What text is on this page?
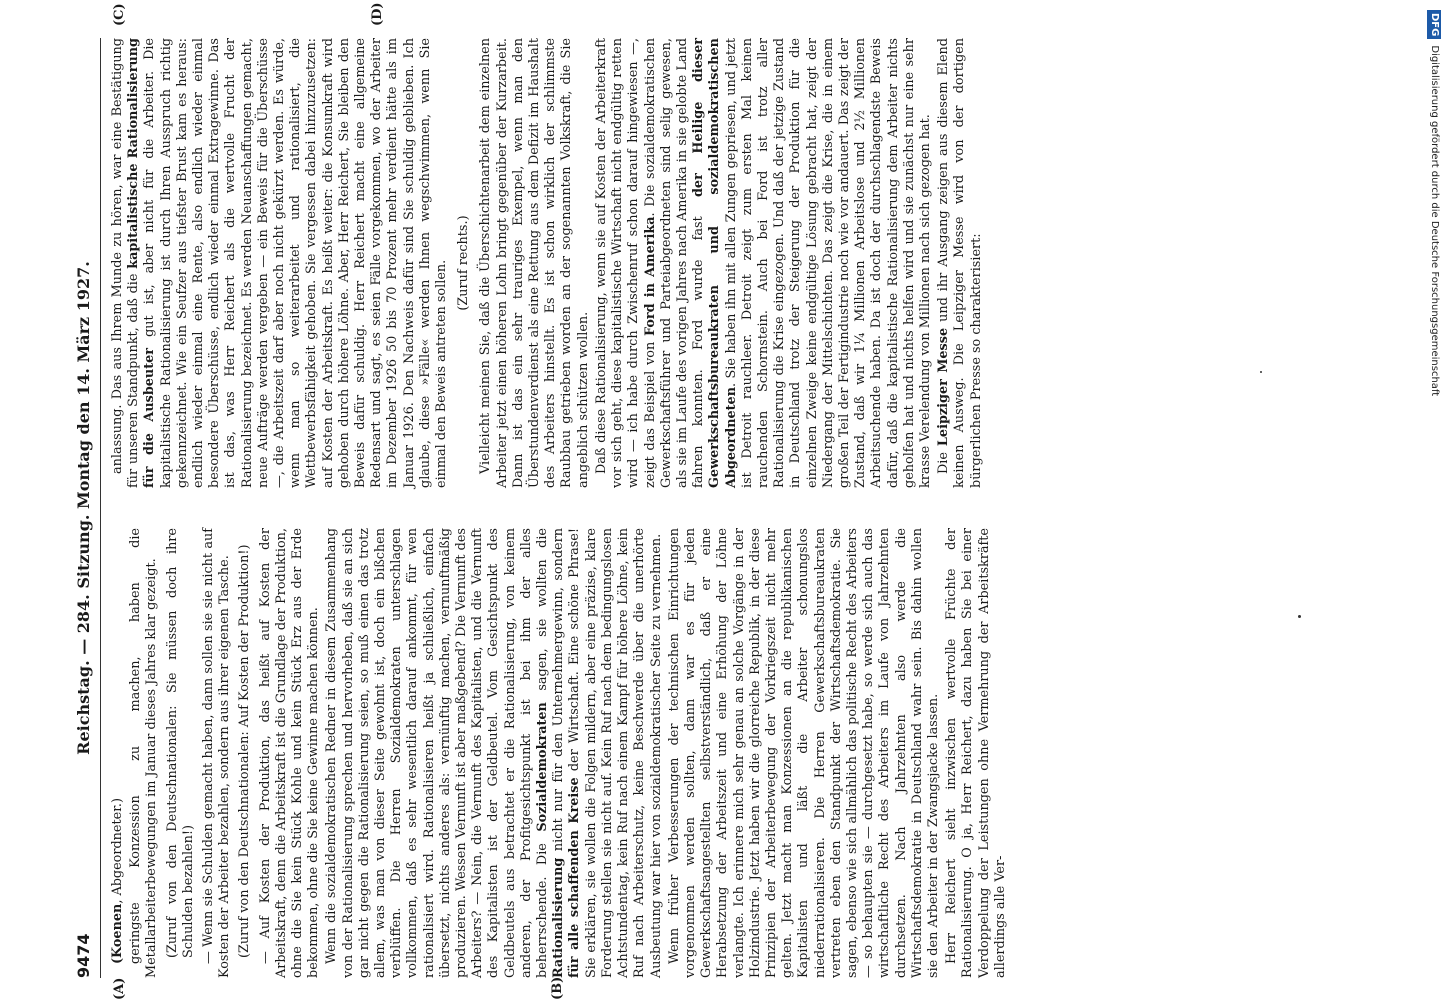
9474
Reichstag. — 284. Sitzung. Montag den 14. März 1927.
(A)	(B)
(C)	(D)

(Koenen, Abgeordneter.) geringste Konzession zu machen, haben die Metallarbeiterbewegungen im Januar dieses Jahres klar gezeigt. (Zuruf von den Deutschnationalen: Sie müssen doch ihre Schulden bezahlen!) — Wenn sie Schulden gemacht haben, dann sollen sie sie nicht auf Kosten der Arbeiter bezahlen, sondern aus ihrer eigenen Tasche. (Zuruf von den Deutschnationalen: Auf Kosten der Produktion!) — Auf Kosten der Produktion, das heißt auf Kosten der Arbeitskraft, denn die Arbeitskraft ist die Grundlage der Produktion, ohne die Sie kein Stück Kohle und kein Stück Erz aus der Erde bekommen, ohne die Sie keine Gewinne machen können. Wenn die sozialdemokratischen Redner in diesem Zusammenhang von der Rationalisierung sprechen und hervorheben, daß sie an sich gar nicht gegen die Rationalisierung seien, so muß einen das trotz allem, was man von dieser Seite gewohnt ist, doch ein bißchen verblüffen. Die Herren Sozialdemokraten unterschlagen vollkommen, daß es sehr wesentlich darauf ankommt, für wen rationalisiert wird. Rationalisieren heißt ja schließlich, einfach übersetzt, nichts anderes als: vernünftig machen, vernunftmäßig produzieren. Wessen Vernunft ist aber maßgebend? Die Vernunft des Arbeiters? — Nein, die Vernunft des Kapitalisten, und die Vernunft des Kapitalisten ist der Geldbeutel. Vom Gesichtspunkt des Geldbeutels aus betrachtet er die Rationalisierung, von keinem anderen, der Profitgesichtspunkt ist bei ihm der alles beherrschende. Die Sozialdemokraten sagen, sie wollten die Rationalisierung nicht nur für den Unternehmergewinn, sondern für alle schaffenden Kreise der Wirtschaft. Eine schöne Phrase! Sie erklären, sie wollen die Folgen mildern, aber eine präzise, klare Forderung stellen sie nicht auf. Kein Ruf nach dem bedingungslosen Achtstundentag, kein Ruf nach einem Kampf für höhere Löhne, kein Ruf nach Arbeiterschutz, keine Beschwerde über die unerhörte Ausbeutung war hier von sozialdemokratischer Seite zu vernehmen. Wenn früher Verbesserungen der technischen Einrichtungen vorgenommen werden sollten, dann war es für jeden Gewerkschaftsangestellten selbstverständlich, daß er eine Herabsetzung der Arbeitszeit und eine Erhöhung der Löhne verlangte. Ich erinnere mich sehr genau an solche Vorgänge in der Holzindustrie. Jetzt haben wir die glorreiche Republik, in der diese Prinzipien der Arbeiterbewegung der Vorkriegszeit nicht mehr gelten. Jetzt macht man Konzessionen an die republikanischen Kapitalisten und läßt die Arbeiter schonungslos niederrationalisieren. Die Herren Gewerkschaftsbureaukraten vertreten eben den Standpunkt der Wirtschaftsdemokratie. Sie sagen, ebenso wie sich allmählich das politische Recht des Arbeiters — so behaupten sie — durchgesetzt habe, so werde sich auch das wirtschaftliche Recht des Arbeiters im Laufe von Jahrzehnten durchsetzen. Nach Jahrzehnten also werde die Wirtschaftsdemokratie in Deutschland wahr sein. Bis dahin wollen sie den Arbeiter in der Zwangsjacke lassen. Herr Reichert sieht inzwischen wertvolle Früchte der Rationalisierung. O ja, Herr Reichert, dazu haben Sie bei einer Verdoppelung der Leistungen ohne Vermehrung der Arbeitskräfte allerdings alle Ver-

anlassung. Das aus Ihrem Munde zu hören, war eine Bestätigung für unseren Standpunkt, daß die kapitalistische Rationalisierung für die Ausbeuter gut ist, aber nicht für die Arbeiter. Die kapitalistische Rationalisierung ist durch Ihren Ausspruch richtig gekennzeichnet. Wie ein Seufzer aus tiefster Brust kam es heraus: endlich wieder einmal eine Rente, also endlich wieder einmal besondere Überschüsse, endlich wieder einmal Extragewinne. Das ist das, was Herr Reichert als die wertvolle Frucht der Rationalisierung bezeichnet. Es werden Neuanschaffungen gemacht, neue Aufträge werden vergeben — ein Beweis für die Überschüsse —, die Arbeitszeit darf aber noch nicht gekürzt werden. Es würde, wenn man so weiterarbeitet und rationalisiert, die Wettbewerbsfähigkeit gehoben. Sie vergessen dabei hinzuzusetzen: auf Kosten der Arbeitskraft. Es heißt weiter: die Konsumkraft wird gehoben durch höhere Löhne. Aber, Herr Reichert, Sie bleiben den Beweis dafür schuldig. Herr Reichert macht eine allgemeine Redensart und sagt, es seien Fälle vorgekommen, wo der Arbeiter im Dezember 1926 50 bis 70 Prozent mehr verdient hätte als im Januar 1926. Den Nachweis dafür sind Sie schuldig geblieben. Ich glaube, diese »Fälle« werden Ihnen wegschwimmen, wenn Sie einmal den Beweis antreten sollen. (Zuruf rechts.) Vielleicht meinen Sie, daß die Überschichtenarbeit dem einzelnen Arbeiter jetzt einen höheren Lohn bringt gegenüber der Kurzarbeit. Dann ist das ein sehr trauriges Exempel, wenn man den Überstundenverdienst als eine Rettung aus dem Defizit im Haushalt des Arbeiters hinstellt. Es ist schon wirklich der schlimmste Raubbau getrieben worden an der sogenannten Volkskraft, die Sie angeblich schützen wollen. Daß diese Rationalisierung, wenn sie auf Kosten der Arbeiterkraft vor sich geht, diese kapitalistische Wirtschaft nicht endgültig retten wird — ich habe durch Zwischenruf schon darauf hingewiesen —, zeigt das Beispiel von Ford in Amerika. Die sozialdemokratischen Gewerkschaftsführer und Parteiabgeordneten sind selig gewesen, als sie im Laufe des vorigen Jahres nach Amerika in sie gelobte Land fahren konnten. Ford wurde fast der Heilige dieser Gewerkschaftsbureaukraten und sozialdemokratischen Abgeordneten. Sie haben ihn mit allen Zungen gepriesen, und jetzt ist Detroit rauchleer. Detroit zeigt zum ersten Mal keinen rauchenden Schornstein. Auch bei Ford ist trotz aller Rationalisierung die Krise eingezogen. Und daß der jetzige Zustand in Deutschland trotz der Steigerung der Produktion für die einzelnen Zweige keine endgültige Lösung gebracht hat, zeigt der Niedergang der Mittelschichten. Das zeigt die Krise, die in einem großen Teil der Fertigindustrie noch wie vor andauert. Das zeigt der Zustand, daß wir 1¼ Millionen Arbeitslose und 2½ Millionen Arbeitsuchende haben. Da ist doch der durchschlagendste Beweis dafür, daß die kapitalistische Rationalisierung dem Arbeiter nichts geholfen hat und nichts helfen wird und sie zunächst nur eine sehr krasse Verelendung von Millionen nach sich gezogen hat. Die Leipziger Messe und ihr Ausgang zeigen aus diesem Elend keinen Ausweg. Die Leipziger Messe wird von der dortigen bürgerlichen Presse so charakterisiert:

DFGDigitalisierung gefördert durch die Deutsche Forschungsgemeinschaft
